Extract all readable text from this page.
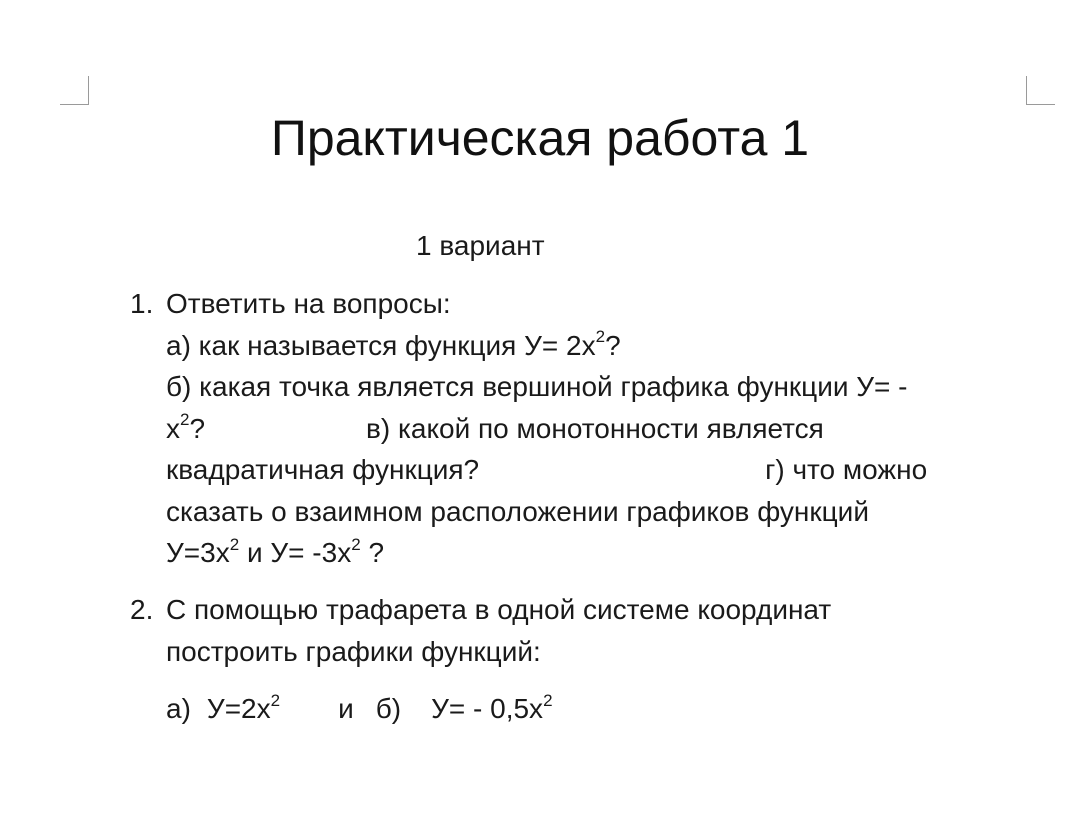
Практическая работа 1
1 вариант
1. Ответить на вопросы:
а) как называется функция $У= 2х^2$?
б) какая точка является вершиной графика функции У= -
$х^2$?	в) какой по монотонности является
квадратичная функция?	г) что можно
сказать о взаимном расположении графиков функций
$У=3х^2$ и $У= -3х^2$ ?
2. С помощью трафарета в одной системе координат
построить графики функций:
а) $У=2х^2$ и б) $У= - 0,5х^2$
